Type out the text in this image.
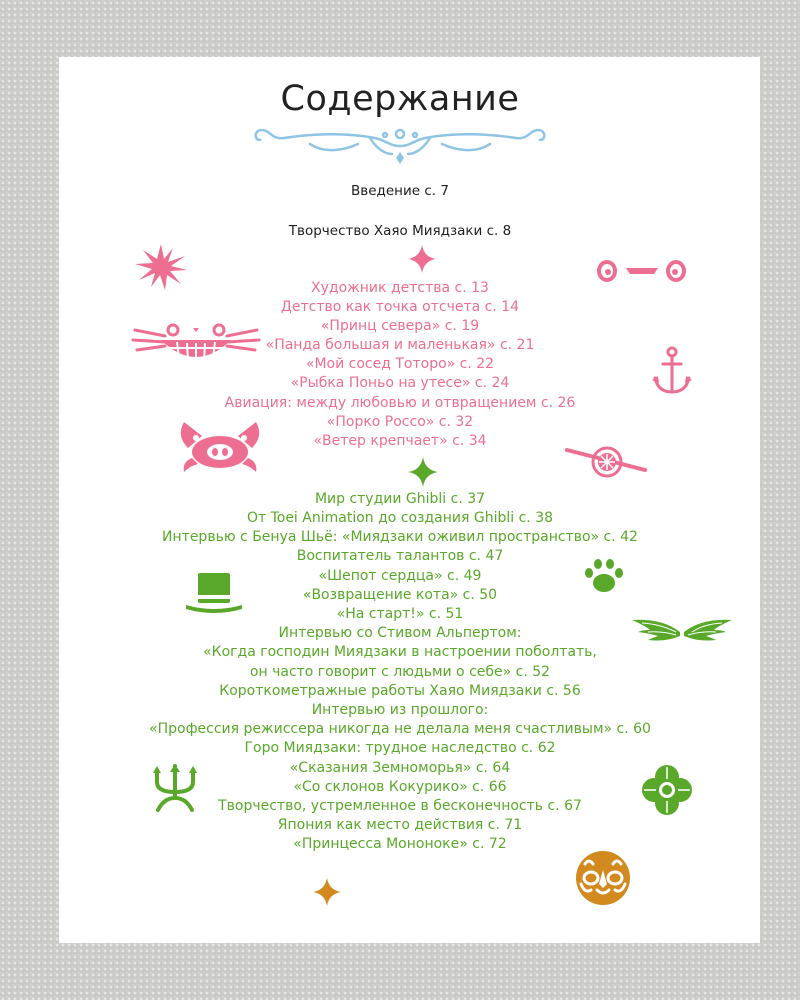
Содержание
Введение с. 7
Творчество Хаяо Миядзаки с. 8
Художник детства с. 13
Детство как точка отсчета с. 14
«Принц севера» с. 19
«Панда большая и маленькая» с. 21
«Мой сосед Тоторо» с. 22
«Рыбка Поньо на утесе» с. 24
Авиация: между любовью и отвращением с. 26
«Порко Россо» с. 32
«Ветер крепчает» с. 34
Мир студии Ghibli с. 37
От Toei Animation до создания Ghibli с. 38
Интервью с Бенуа Шьё: «Миядзаки оживил пространство» с. 42
Воспитатель талантов с. 47
«Шепот сердца» с. 49
«Возвращение кота» с. 50
«На старт!» с. 51
Интервью со Стивом Альпертом:
«Когда господин Миядзаки в настроении поболтать,
он часто говорит с людьми о себе» с. 52
Короткометражные работы Хаяо Миядзаки с. 56
Интервью из прошлого:
«Профессия режиссера никогда не делала меня счастливым» с. 60
Горо Миядзаки: трудное наследство с. 62
«Сказания Земноморья» с. 64
«Со склонов Кокурико» с. 66
Творчество, устремленное в бесконечность с. 67
Япония как место действия с. 71
«Принцесса Мононоке» с. 72
